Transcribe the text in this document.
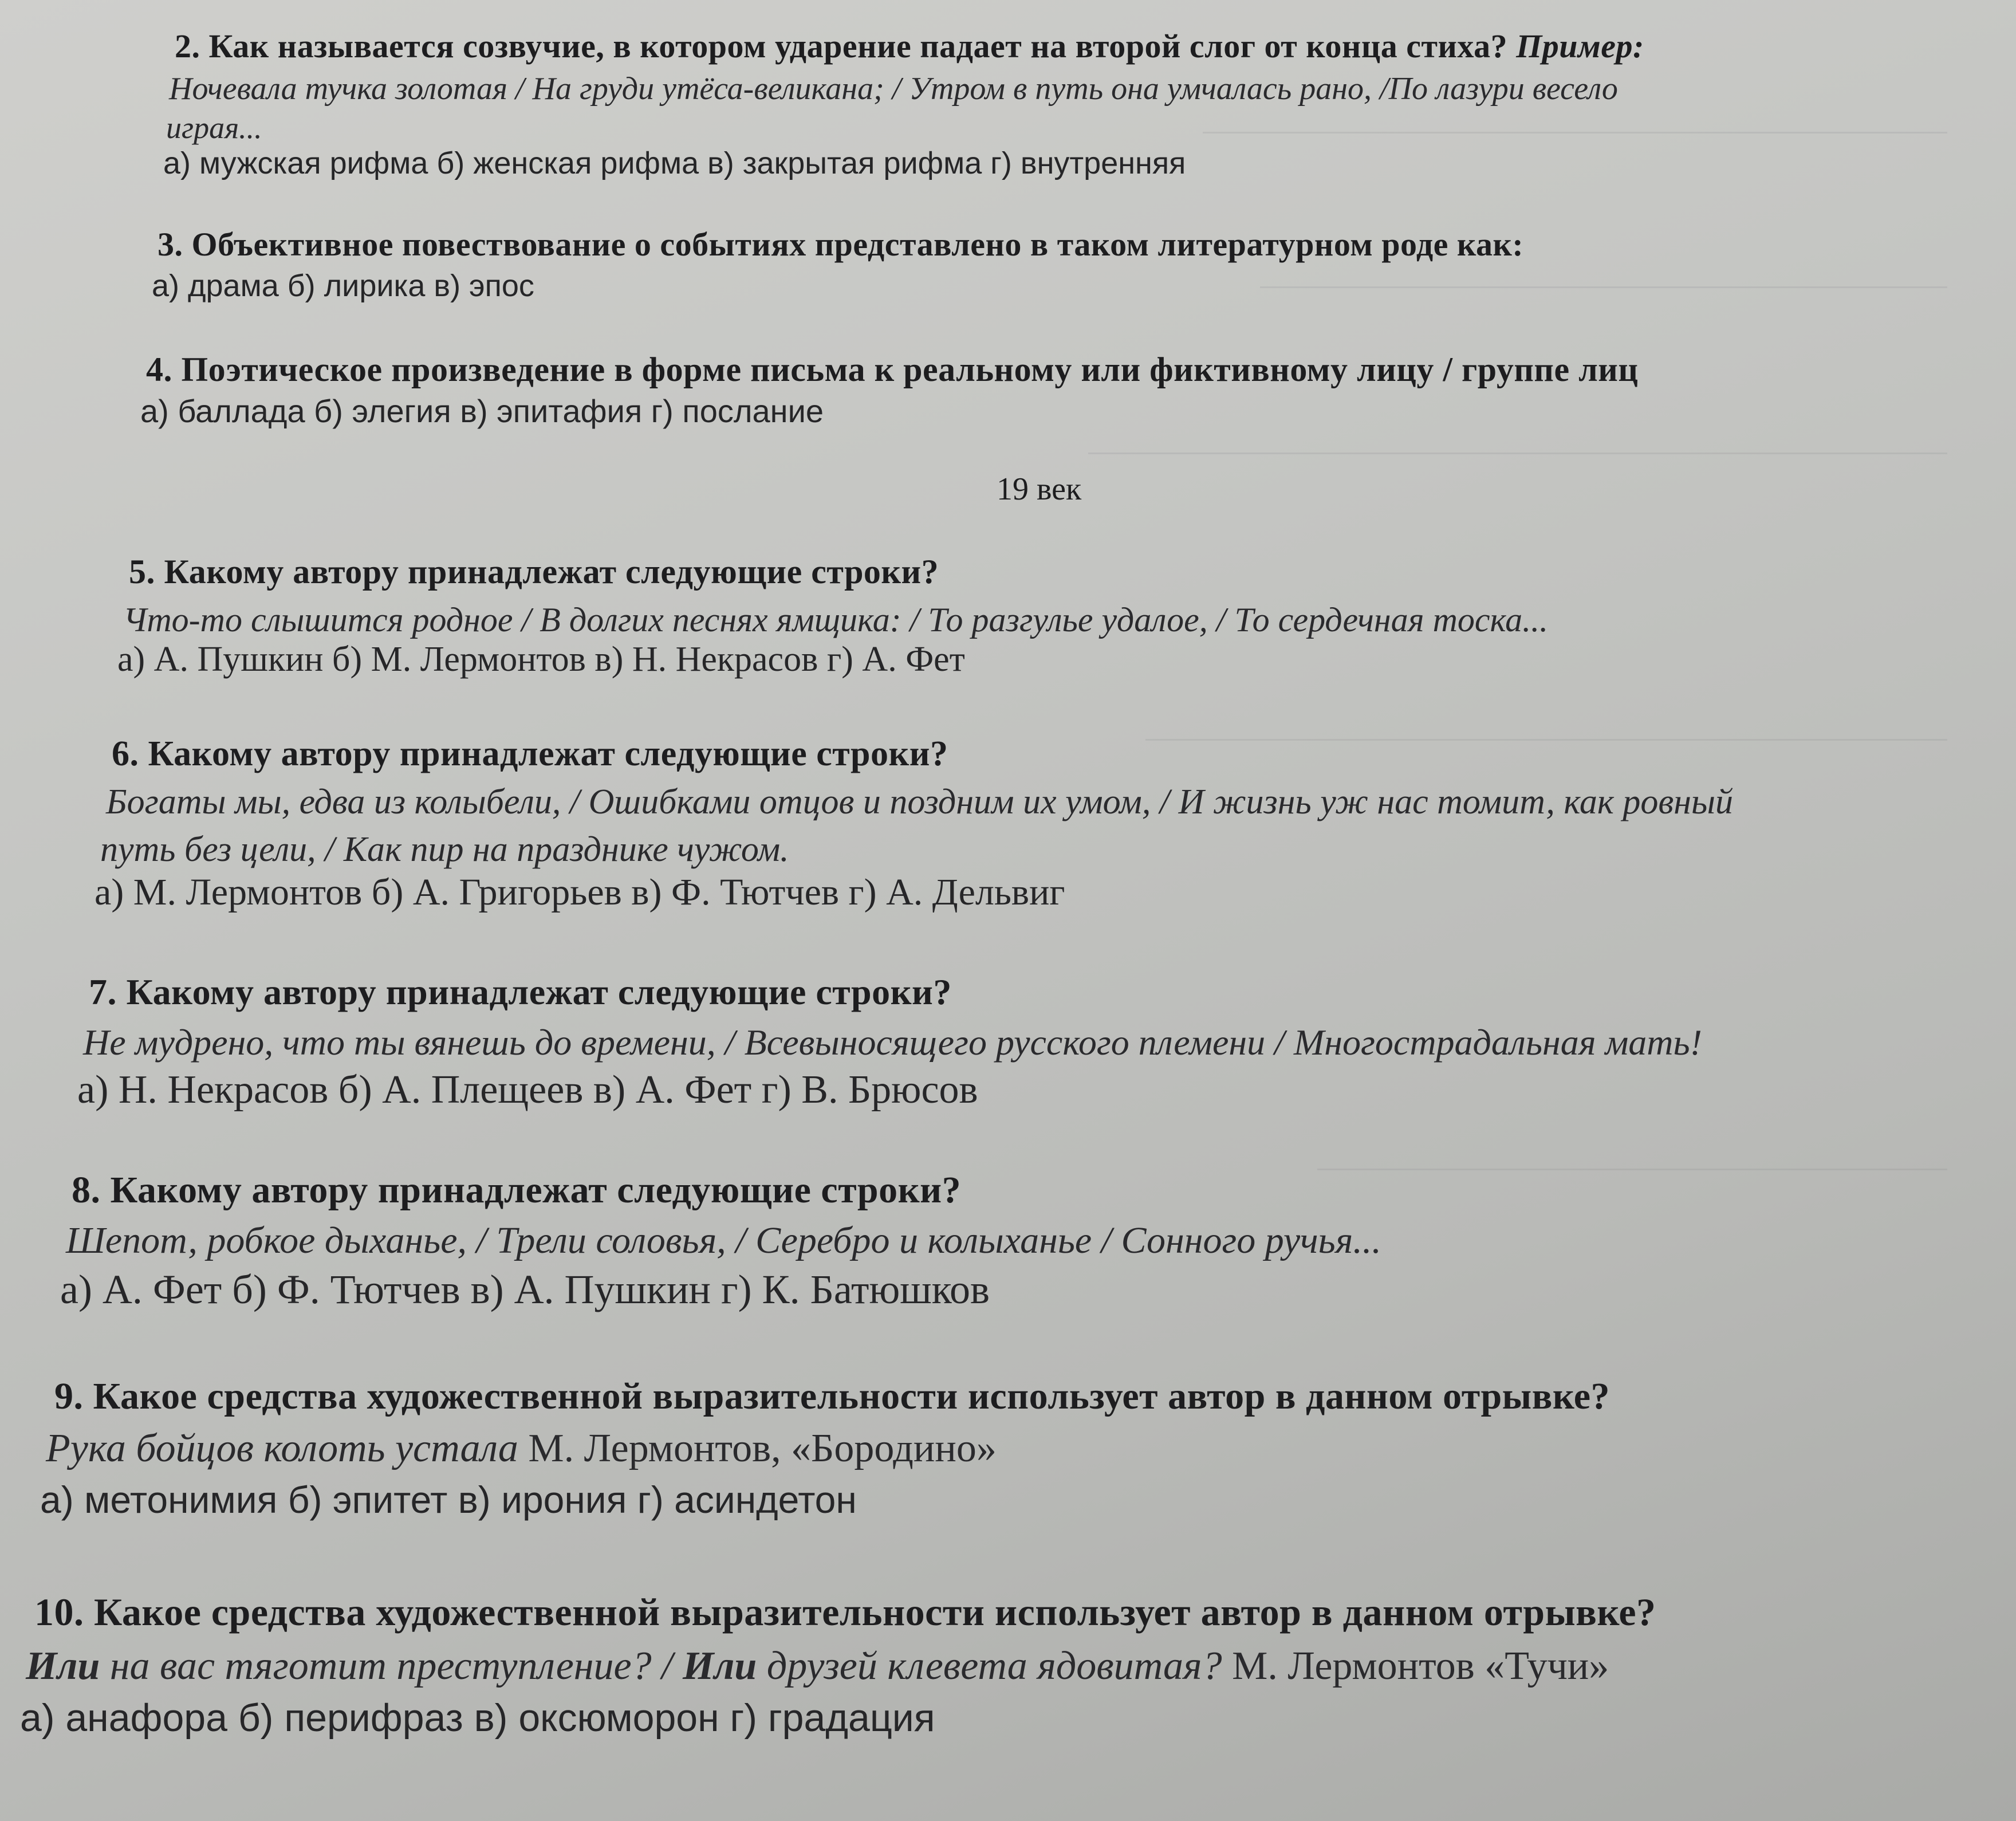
2. Как называется созвучие, в котором ударение падает на второй слог от конца стиха? Пример:
Ночевала тучка золотая / На груди утёса-великана; / Утром в путь она умчалась рано, /По лазури весело
играя...
а) мужская рифма б) женская рифма в) закрытая рифма г) внутренняя
3. Объективное повествование о событиях представлено в таком литературном роде как:
а) драма б) лирика в) эпос
4. Поэтическое произведение в форме письма к реальному или фиктивному лицу / группе лиц
а) баллада б) элегия в) эпитафия г) послание
19 век
5. Какому автору принадлежат следующие строки?
Что-то слышится родное / В долгих песнях ямщика: / То разгулье удалое, / То сердечная тоска...
а) А. Пушкин б) М. Лермонтов в) Н. Некрасов г) А. Фет
6. Какому автору принадлежат следующие строки?
Богаты мы, едва из колыбели, / Ошибками отцов и поздним их умом, / И жизнь уж нас томит, как ровный
путь без цели, / Как пир на празднике чужом.
а) М. Лермонтов б) А. Григорьев в) Ф. Тютчев г) А. Дельвиг
7. Какому автору принадлежат следующие строки?
Не мудрено, что ты вянешь до времени, / Всевыносящего русского племени / Многострадальная мать!
а) Н. Некрасов б) А. Плещеев в) А. Фет г) В. Брюсов
8. Какому автору принадлежат следующие строки?
Шепот, робкое дыханье, / Трели соловья, / Серебро и колыханье / Сонного ручья...
а) А. Фет б) Ф. Тютчев в) А. Пушкин г) К. Батюшков
9. Какое средства художественной выразительности использует автор в данном отрывке?
Рука бойцов колоть устала М. Лермонтов, «Бородино»
а) метонимия б) эпитет в) ирония г) асиндетон
10. Какое средства художественной выразительности использует автор в данном отрывке?
Или на вас тяготит преступление? / Или друзей клевета ядовитая? М. Лермонтов «Тучи»
а) анафора б) перифраз в) оксюморон г) градация
